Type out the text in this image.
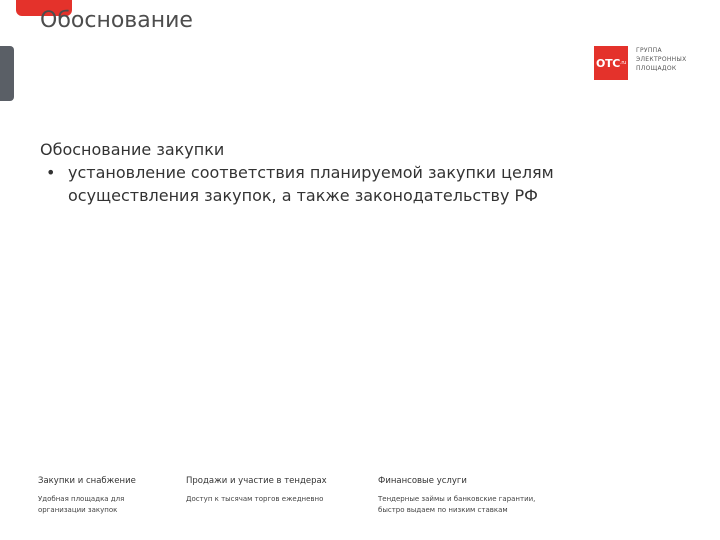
Обоснование
OTC .ru
ГРУППА
ЭЛЕКТРОННЫХ
ПЛОЩАДОК

Обоснование закупки

• установление соответствия планируемой закупки целям осуществления закупок, а также законодательству РФ
Закупки и снабжение
Удобная площадка для
организации закупок
Продажи и участие в тендерах
Доступ к тысячам торгов ежедневно
Финансовые услуги
Тендерные займы и банковские гарантии,
быстро выдаем по низким ставкам
